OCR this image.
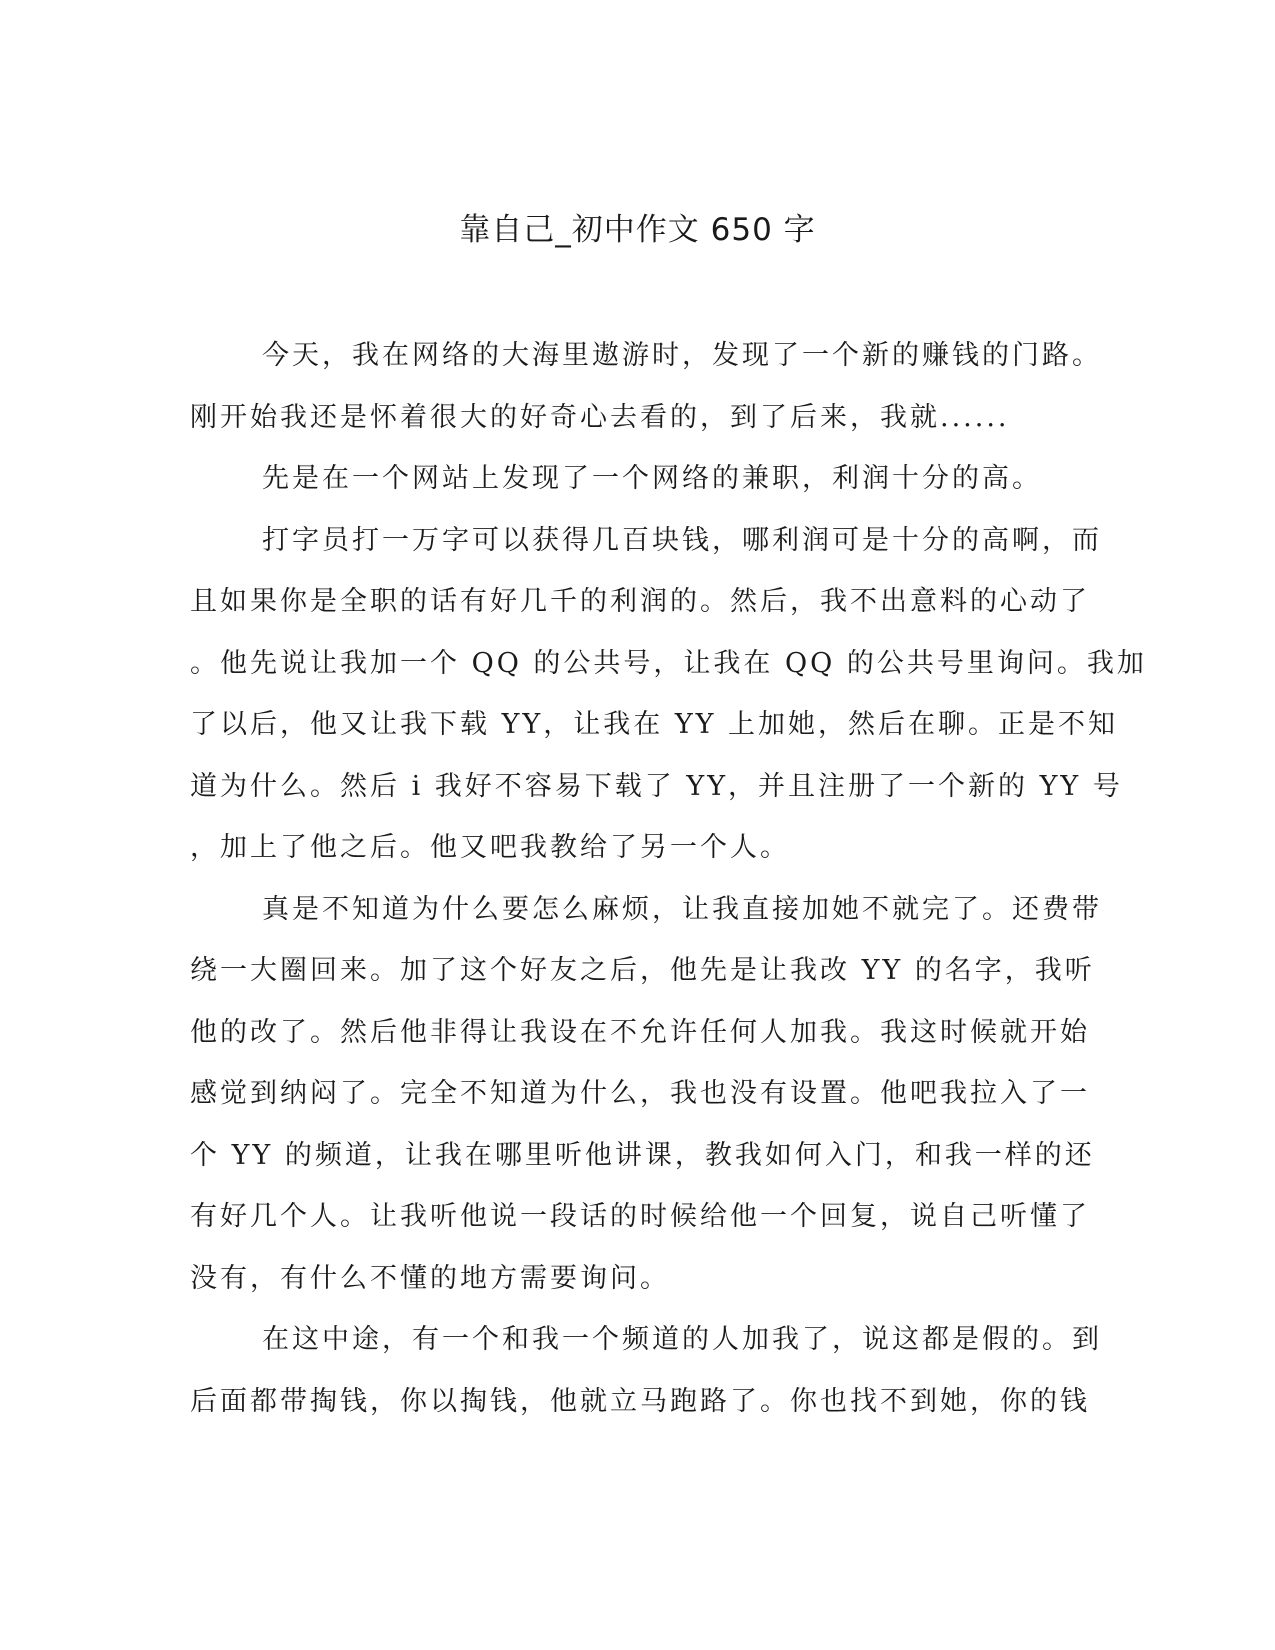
靠自己_初中作文 650 字

今天，我在网络的大海里遨游时，发现了一个新的赚钱的门路。
刚开始我还是怀着很大的好奇心去看的，到了后来，我就......

先是在一个网站上发现了一个网络的兼职，利润十分的高。

打字员打一万字可以获得几百块钱，哪利润可是十分的高啊，而
且如果你是全职的话有好几千的利润的。然后，我不出意料的心动了
。他先说让我加一个 QQ 的公共号，让我在 QQ 的公共号里询问。我加
了以后，他又让我下载 YY，让我在 YY 上加她，然后在聊。正是不知
道为什么。然后 i 我好不容易下载了 YY，并且注册了一个新的 YY 号
，加上了他之后。他又吧我教给了另一个人。

真是不知道为什么要怎么麻烦，让我直接加她不就完了。还费带
绕一大圈回来。加了这个好友之后，他先是让我改 YY 的名字，我听
他的改了。然后他非得让我设在不允许任何人加我。我这时候就开始
感觉到纳闷了。完全不知道为什么，我也没有设置。他吧我拉入了一
个 YY 的频道，让我在哪里听他讲课，教我如何入门，和我一样的还
有好几个人。让我听他说一段话的时候给他一个回复，说自己听懂了
没有，有什么不懂的地方需要询问。

在这中途，有一个和我一个频道的人加我了，说这都是假的。到
后面都带掏钱，你以掏钱，他就立马跑路了。你也找不到她，你的钱
